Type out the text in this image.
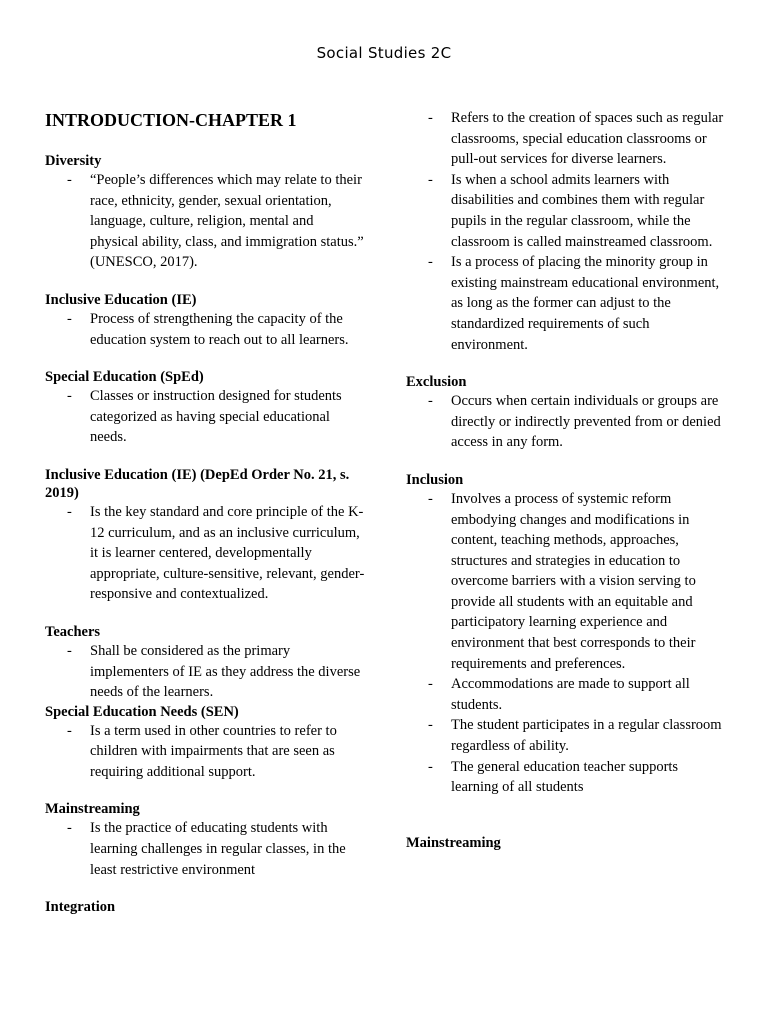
Social Studies 2C
INTRODUCTION-CHAPTER 1
Diversity
- “People’s differences which may relate to their race, ethnicity, gender, sexual orientation, language, culture, religion, mental and physical ability, class, and immigration status.” (UNESCO, 2017).
Inclusive Education (IE)
- Process of strengthening the capacity of the education system to reach out to all learners.
Special Education (SpEd)
- Classes or instruction designed for students categorized as having special educational needs.
Inclusive Education (IE) (DepEd Order No. 21, s. 2019)
- Is the key standard and core principle of the K- 12 curriculum, and as an inclusive curriculum, it is learner centered, developmentally appropriate, culture-sensitive, relevant, gender-responsive and contextualized.
Teachers
- Shall be considered as the primary implementers of IE as they address the diverse needs of the learners.
Special Education Needs (SEN)
- Is a term used in other countries to refer to children with impairments that are seen as requiring additional support.
Mainstreaming
- Is the practice of educating students with learning challenges in regular classes, in the least restrictive environment
Integration
- Refers to the creation of spaces such as regular classrooms, special education classrooms or pull-out services for diverse learners.
- Is when a school admits learners with disabilities and combines them with regular pupils in the regular classroom, while the classroom is called mainstreamed classroom.
- Is a process of placing the minority group in existing mainstream educational environment, as long as the former can adjust to the standardized requirements of such environment.
Exclusion
- Occurs when certain individuals or groups are directly or indirectly prevented from or denied access in any form.
Inclusion
- Involves a process of systemic reform embodying changes and modifications in content, teaching methods, approaches, structures and strategies in education to overcome barriers with a vision serving to provide all students with an equitable and participatory learning experience and environment that best corresponds to their requirements and preferences.
- Accommodations are made to support all students.
- The student participates in a regular classroom regardless of ability.
- The general education teacher supports learning of all students
Mainstreaming
